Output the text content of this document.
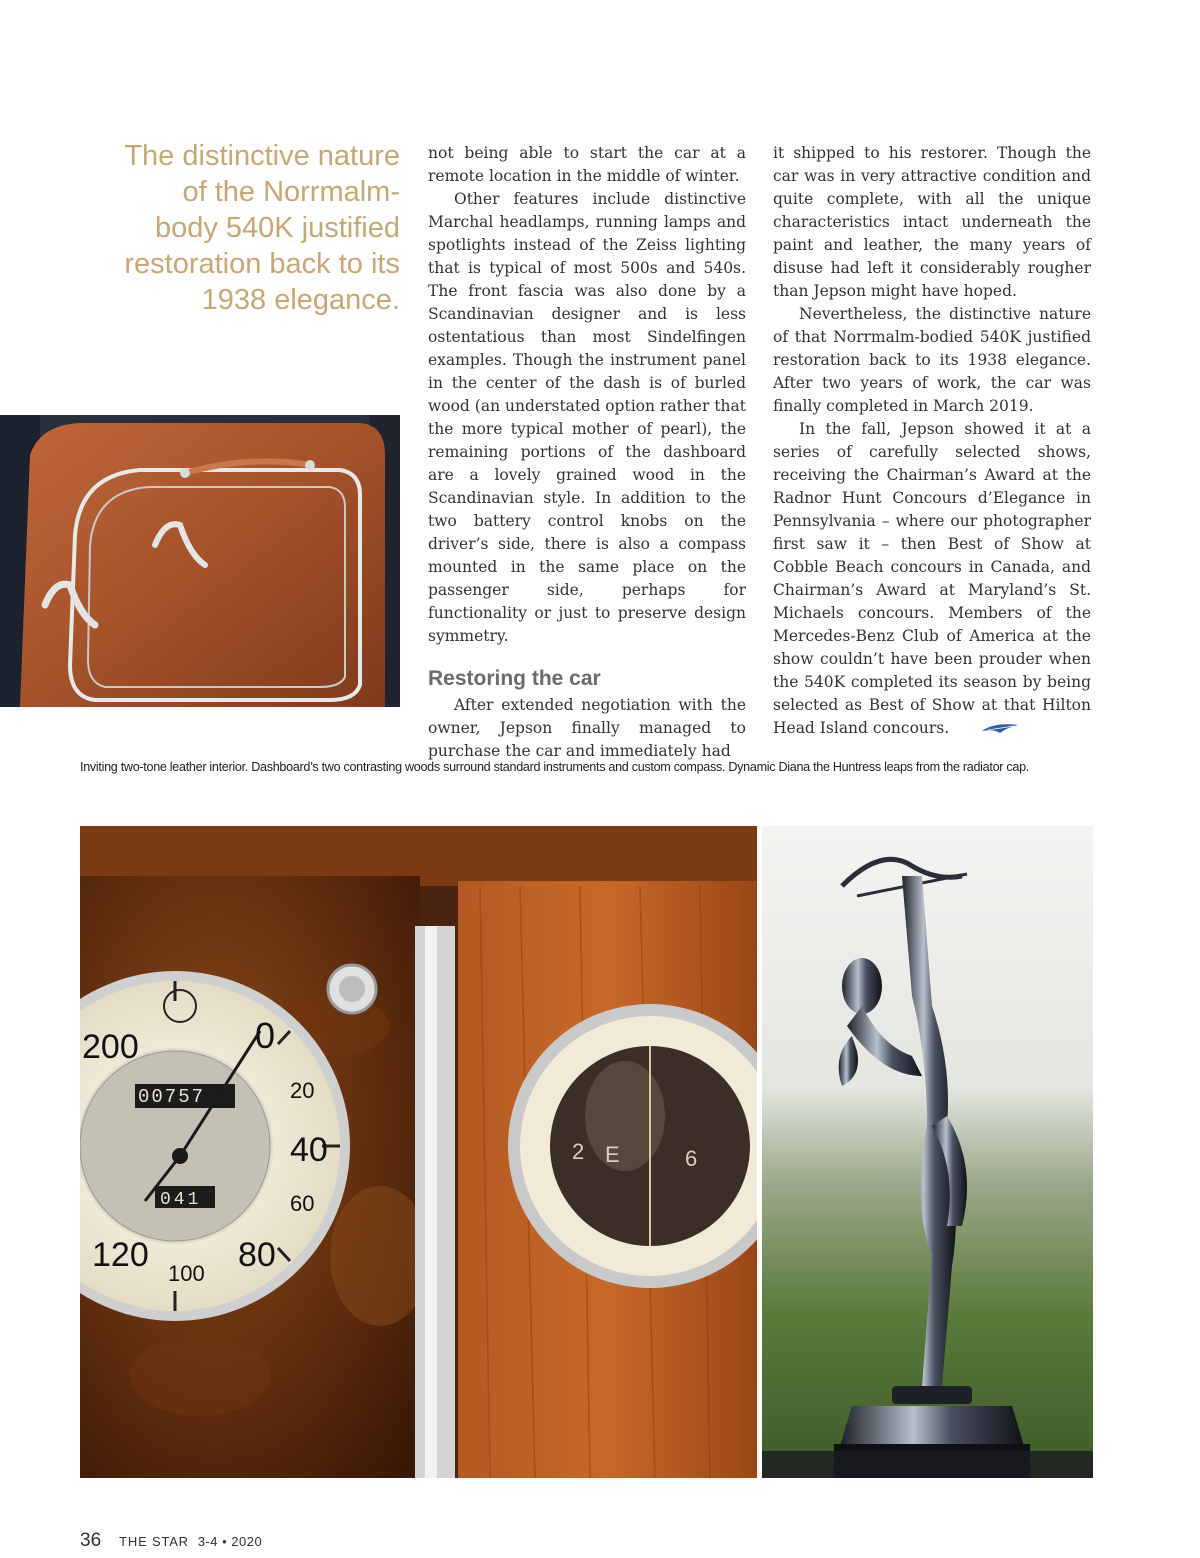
The distinctive nature of the Norrmalm-body 540K justified restoration back to its 1938 elegance.

not being able to start the car at a remote location in the middle of winter.

Other features include distinctive Marchal headlamps, running lamps and spotlights instead of the Zeiss lighting that is typical of most 500s and 540s. The front fascia was also done by a Scandinavian designer and is less ostentatious than most Sindelfingen examples. Though the instrument panel in the center of the dash is of burled wood (an understated option rather that the more typical mother of pearl), the remaining portions of the dashboard are a lovely grained wood in the Scandinavian style. In addition to the two battery control knobs on the driver’s side, there is also a compass mounted in the same place on the passenger side, perhaps for functionality or just to preserve design symmetry.

Restoring the car

After extended negotiation with the owner, Jepson finally managed to purchase the car and immediately had

it shipped to his restorer. Though the car was in very attractive condition and quite complete, with all the unique characteristics intact underneath the paint and leather, the many years of disuse had left it considerably rougher than Jepson might have hoped.

Nevertheless, the distinctive nature of that Norrmalm-bodied 540K justified restoration back to its 1938 elegance. After two years of work, the car was finally completed in March 2019.

In the fall, Jepson showed it at a series of carefully selected shows, receiving the Chairman’s Award at the Radnor Hunt Concours d’Elegance in Pennsylvania – where our photographer first saw it – then Best of Show at Cobble Beach concours in Canada, and Chairman’s Award at Maryland’s St. Michaels concours. Members of the Mercedes-Benz Club of America at the show couldn’t have been prouder when the 540K completed its season by being selected as Best of Show at that Hilton Head Island concours.

Inviting two-tone leather interior. Dashboard’s two contrasting woods surround standard instruments and custom compass. Dynamic Diana the Huntress leaps from the radiator cap.
200	0
20
40
60
80
100
120
00757
041
2 E	6
36 THE STAR 3-4 • 2020
